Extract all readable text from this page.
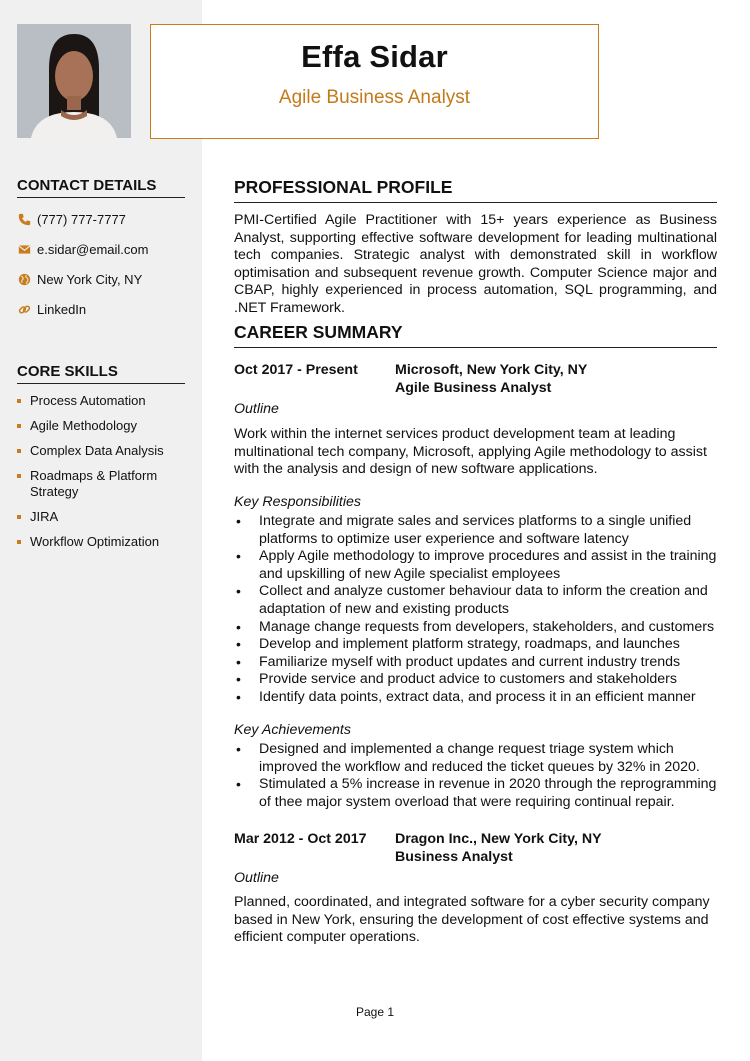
Effa Sidar
Agile Business Analyst
CONTACT DETAILS
(777) 777-7777
e.sidar@email.com
New York City, NY
LinkedIn
CORE SKILLS
Process Automation
Agile Methodology
Complex Data Analysis
Roadmaps & Platform Strategy
JIRA
Workflow Optimization
PROFESSIONAL PROFILE
PMI-Certified Agile Practitioner with 15+ years experience as Business Analyst, supporting effective software development for leading multinational tech companies. Strategic analyst with demonstrated skill in workflow optimisation and subsequent revenue growth. Computer Science major and CBAP, highly experienced in process automation, SQL programming, and .NET Framework.
CAREER SUMMARY
Oct 2017 - Present	Microsoft, New York City, NY
Agile Business Analyst
Outline
Work within the internet services product development team at leading multinational tech company, Microsoft, applying Agile methodology to assist with the analysis and design of new software applications.
Key Responsibilities
• Integrate and migrate sales and services platforms to a single unified platforms to optimize user experience and software latency
• Apply Agile methodology to improve procedures and assist in the training and upskilling of new Agile specialist employees
• Collect and analyze customer behaviour data to inform the creation and adaptation of new and existing products
• Manage change requests from developers, stakeholders, and customers
• Develop and implement platform strategy, roadmaps, and launches
• Familiarize myself with product updates and current industry trends
• Provide service and product advice to customers and stakeholders
• Identify data points, extract data, and process it in an efficient manner
Key Achievements
• Designed and implemented a change request triage system which improved the workflow and reduced the ticket queues by 32% in 2020.
• Stimulated a 5% increase in revenue in 2020 through the reprogramming of thee major system overload that were requiring continual repair.
Mar 2012 - Oct 2017 Dragon Inc., New York City, NY
Business Analyst
Outline
Planned, coordinated, and integrated software for a cyber security company based in New York, ensuring the development of cost effective systems and efficient computer operations.
Page 1
